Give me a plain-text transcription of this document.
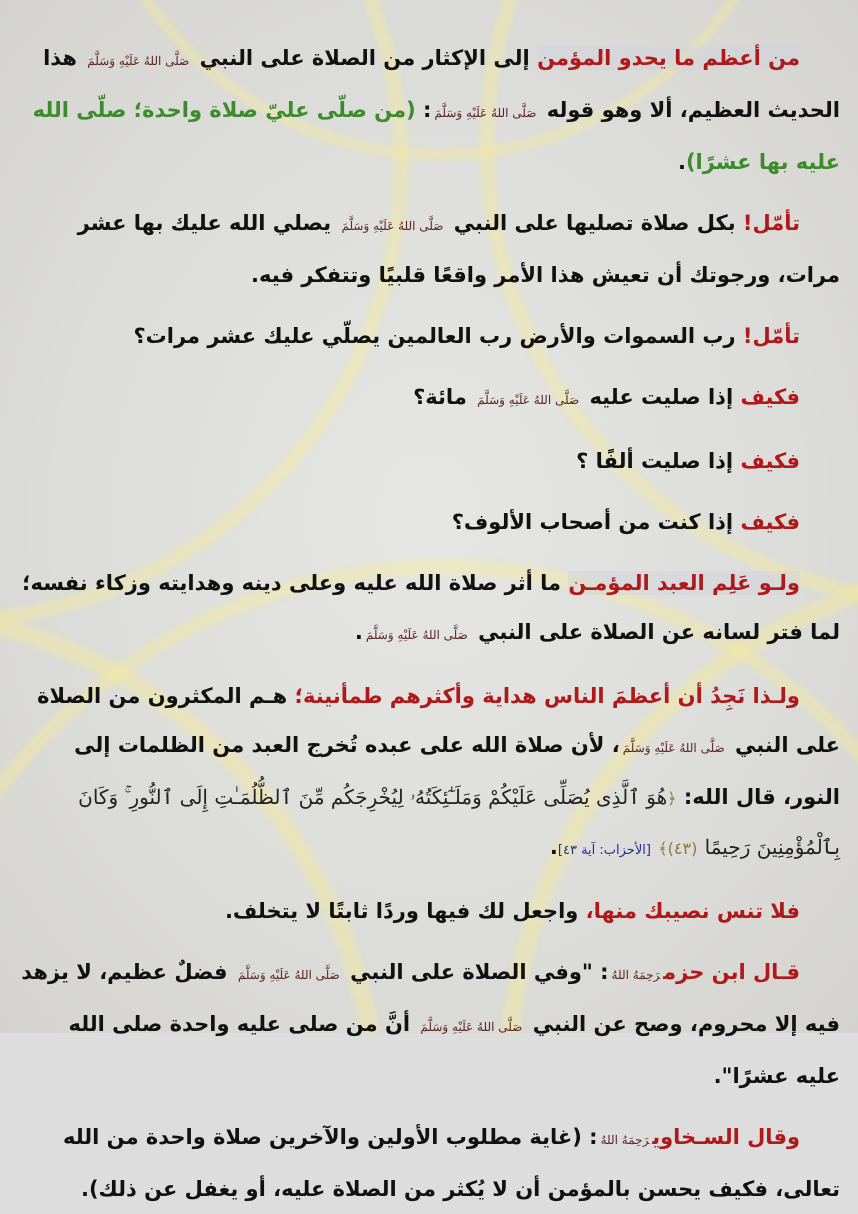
من أعظم ما يحدو المؤمن إلى الإكثار من الصلاة على النبي صَلَّى اللهُ عَلَيْهِ وَسَلَّمَ هذا الحديث العظيم، ألا وهو قوله صَلَّى اللهُ عَلَيْهِ وَسَلَّمَ: (من صلّى عليّ صلاة واحدة؛ صلّى الله عليه بها عشرًا).

تأمّل! بكل صلاة تصليها على النبي صَلَّى اللهُ عَلَيْهِ وَسَلَّمَ يصلي الله عليك بها عشر مرات، ورجوتك أن تعيش هذا الأمر واقعًا قلبيًا وتتفكر فيه.

تأمّل! رب السموات والأرض رب العالمين يصلّي عليك عشر مرات؟

فكيف إذا صليت عليه صَلَّى اللهُ عَلَيْهِ وَسَلَّمَ مائة؟

فكيف إذا صليت ألفًا ؟

فكيف إذا كنت من أصحاب الألوف؟

ولـو عَلِم العبد المؤمـن ما أثر صلاة الله عليه وعلى دينه وهدايته وزكاء نفسه؛ لما فتر لسانه عن الصلاة على النبي صَلَّى اللهُ عَلَيْهِ وَسَلَّمَ.

ولـذا نَجِدُ أن أعظمَ الناس هداية وأكثرهم طمأنينة؛ هـم المكثرون من الصلاة على النبي صَلَّى اللهُ عَلَيْهِ وَسَلَّمَ، لأن صلاة الله على عبده تُخرج العبد من الظلمات إلى النور، قال الله: ﴿هُوَ ٱلَّذِى يُصَلِّى عَلَيْكُمْ وَمَلَـٰٓئِكَتُهُۥ لِيُخْرِجَكُم مِّنَ ٱلظُّلُمَـٰتِ إِلَى ٱلنُّورِ ۚ وَكَانَ بِٱلْمُؤْمِنِينَ رَحِيمًا (٤٣)﴾ [الأحزاب: آية ٤٣].

فلا تنس نصيبك منها، واجعل لك فيها وردًا ثابتًا لا يتخلف.

قـال ابن حزمرَحِمَهُ اللهُ: "وفي الصلاة على النبي صَلَّى اللهُ عَلَيْهِ وَسَلَّمَ فضلٌ عظيم، لا يزهد فيه إلا محروم، وصح عن النبي صَلَّى اللهُ عَلَيْهِ وَسَلَّمَ أنَّ من صلى عليه واحدة صلى الله عليه عشرًا".

وقال السـخاويرَحِمَهُ اللهُ: (غاية مطلوب الأولين والآخرين صلاة واحدة من الله تعالى، فكيف يحسن بالمؤمن أن لا يُكثر من الصلاة عليه، أو يغفل عن ذلك).
